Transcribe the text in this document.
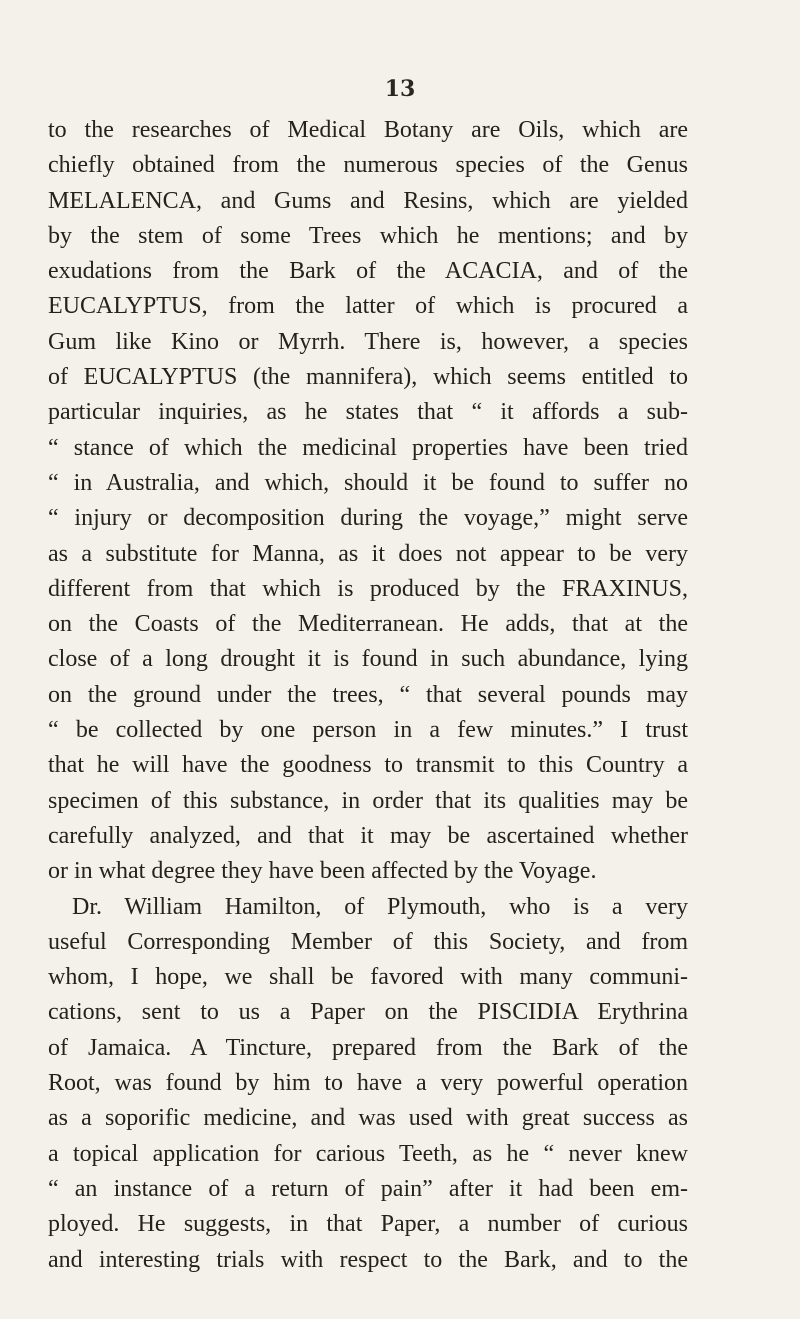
13
to the researches of Medical Botany are Oils, which are
chiefly obtained from the numerous species of the Genus
MELALENCA, and Gums and Resins, which are yielded
by the stem of some Trees which he mentions; and by
exudations from the Bark of the ACACIA, and of the
EUCALYPTUS, from the latter of which is procured a
Gum like Kino or Myrrh. There is, however, a species
of EUCALYPTUS (the mannifera), which seems entitled to
particular inquiries, as he states that “ it affords a sub-
“ stance of which the medicinal properties have been tried
“ in Australia, and which, should it be found to suffer no
“ injury or decomposition during the voyage,” might serve
as a substitute for Manna, as it does not appear to be very
different from that which is produced by the FRAXINUS,
on the Coasts of the Mediterranean. He adds, that at the
close of a long drought it is found in such abundance, lying
on the ground under the trees, “ that several pounds may
“ be collected by one person in a few minutes.” I trust
that he will have the goodness to transmit to this Country a
specimen of this substance, in order that its qualities may be
carefully analyzed, and that it may be ascertained whether
or in what degree they have been affected by the Voyage.
Dr. William Hamilton, of Plymouth, who is a very
useful Corresponding Member of this Society, and from
whom, I hope, we shall be favored with many communi-
cations, sent to us a Paper on the PISCIDIA Erythrina
of Jamaica. A Tincture, prepared from the Bark of the
Root, was found by him to have a very powerful operation
as a soporific medicine, and was used with great success as
a topical application for carious Teeth, as he “ never knew
“ an instance of a return of pain” after it had been em-
ployed. He suggests, in that Paper, a number of curious
and interesting trials with respect to the Bark, and to the
